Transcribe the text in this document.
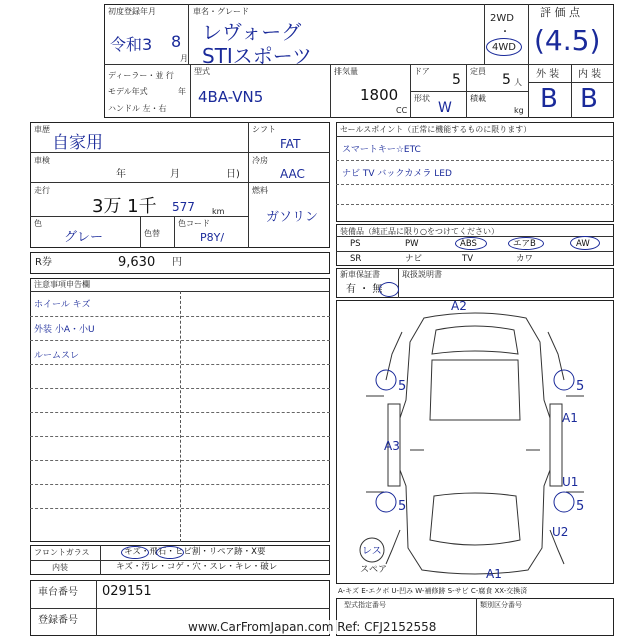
初度登録年月
令和3 8
月
車名・グレード
レヴォーグ
STIスポーツ
2WD
・
4WD
評 価 点
(4.5)
ディーラー・並 行
モデル年式	年
ハンドル 左・右
型式
4BA-VN5
排気量
1800
CC
ドア
5
形状
W
定員
5 人
積載
kg
外 装 内 装
B B
車歴
自家用
車検
年	月	日)
走行
3万 1千 577 km
色
グレー	色替
色コード
P8Y/
シフト
FAT
冷房
AAC
燃料
ガソリン
R券	9,630 円
注意事項申告欄
ホイール キズ
外装 小A・小U
ルームスレ
フロントガラス	キズ・飛石・ヒビ割・リペア跡・X要
内装	キズ・汚レ・コゲ・穴・スレ・キレ・破レ
車台番号 029151
登録番号
セールスポイント（正常に機能するものに限ります）
スマートキー☆ETC
ナビ TV バックカメラ LED
装備品（純正品に限り○をつけてください）
PS	PW	ABS	エアB	AW
SR	ナビ	TV	カワ
新車保証書	取扱説明書
有 ・ 無
A2
5	5
A1
A3
U1
5	5
U2
A1
レス
スペア
A-キズ E-エクボ U-凹み W-補修跡 S-サビ C-腐食 XX-交換済
型式指定番号	類別区分番号
www.CarFromJapan.com Ref: CFJ2152558
